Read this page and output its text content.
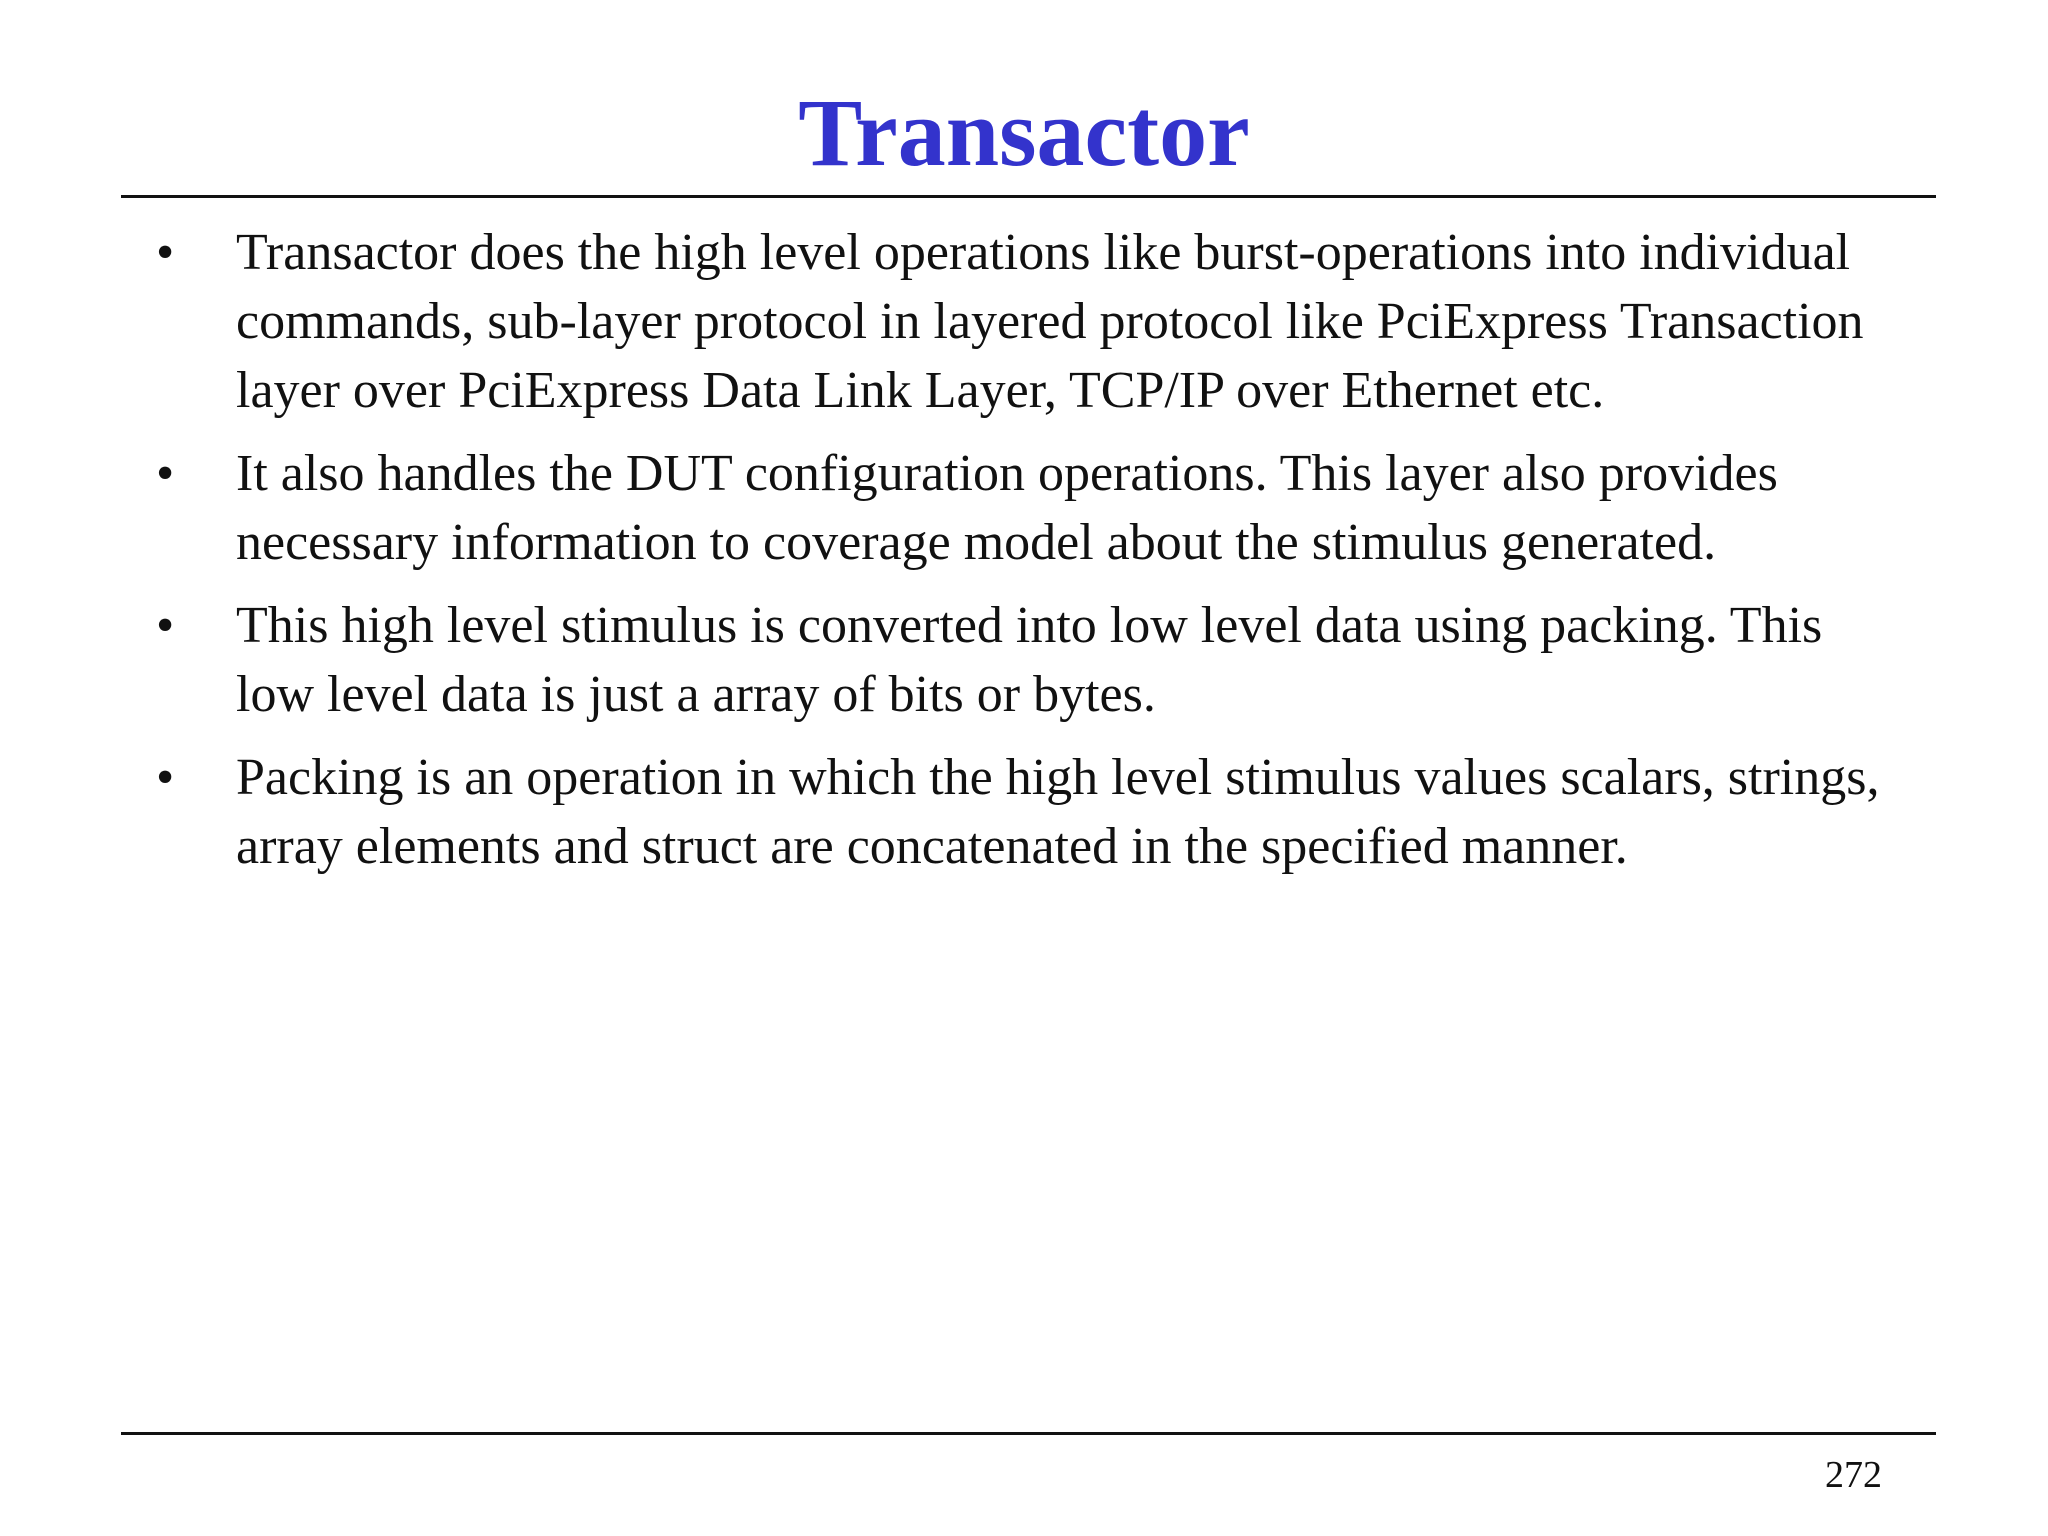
Transactor
• Transactor does the high level operations like burst-operations into individual commands, sub-layer protocol in layered protocol like PciExpress Transaction layer over PciExpress Data Link Layer, TCP/IP over Ethernet etc.
• It also handles the DUT configuration operations. This layer also provides necessary information to coverage model about the stimulus generated.
• This high level stimulus is converted into low level data using packing. This low level data is just a array of bits or bytes.
• Packing is an operation in which the high level stimulus values scalars, strings, array elements and struct are concatenated in the specified manner.
272
